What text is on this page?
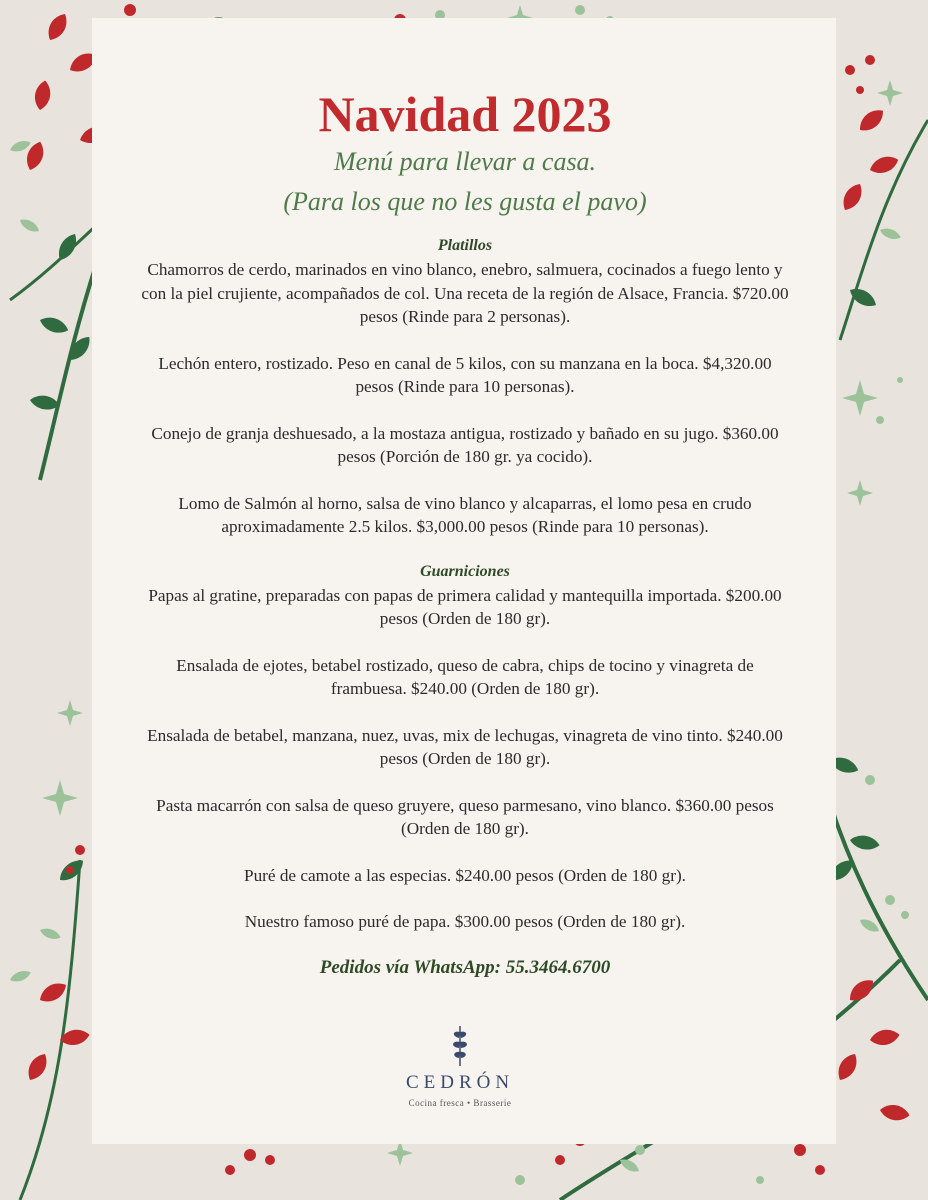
Navidad 2023

Menú para llevar a casa.

(Para los que no les gusta el pavo)

Platillos

Chamorros de cerdo, marinados en vino blanco, enebro, salmuera, cocinados a fuego lento y con la piel crujiente, acompañados de col. Una receta de la región de Alsace, Francia. $720.00 pesos (Rinde para 2 personas).

Lechón entero, rostizado. Peso en canal de 5 kilos, con su manzana en la boca. $4,320.00 pesos (Rinde para 10 personas).

Conejo de granja deshuesado, a la mostaza antigua, rostizado y bañado en su jugo. $360.00 pesos (Porción de 180 gr. ya cocido).

Lomo de Salmón al horno, salsa de vino blanco y alcaparras, el lomo pesa en crudo aproximadamente 2.5 kilos. $3,000.00 pesos (Rinde para 10 personas).

Guarniciones

Papas al gratine, preparadas con papas de primera calidad y mantequilla importada. $200.00 pesos (Orden de 180 gr).

Ensalada de ejotes, betabel rostizado, queso de cabra, chips de tocino y vinagreta de frambuesa. $240.00 (Orden de 180 gr).

Ensalada de betabel, manzana, nuez, uvas, mix de lechugas, vinagreta de vino tinto. $240.00 pesos (Orden de 180 gr).

Pasta macarrón con salsa de queso gruyere, queso parmesano, vino blanco. $360.00 pesos (Orden de 180 gr).

Puré de camote a las especias. $240.00 pesos (Orden de 180 gr).

Nuestro famoso puré de papa. $300.00 pesos (Orden de 180 gr).

Pedidos vía WhatsApp: 55.3464.6700

CEDRÓN
Cocina fresca • Brasserie
